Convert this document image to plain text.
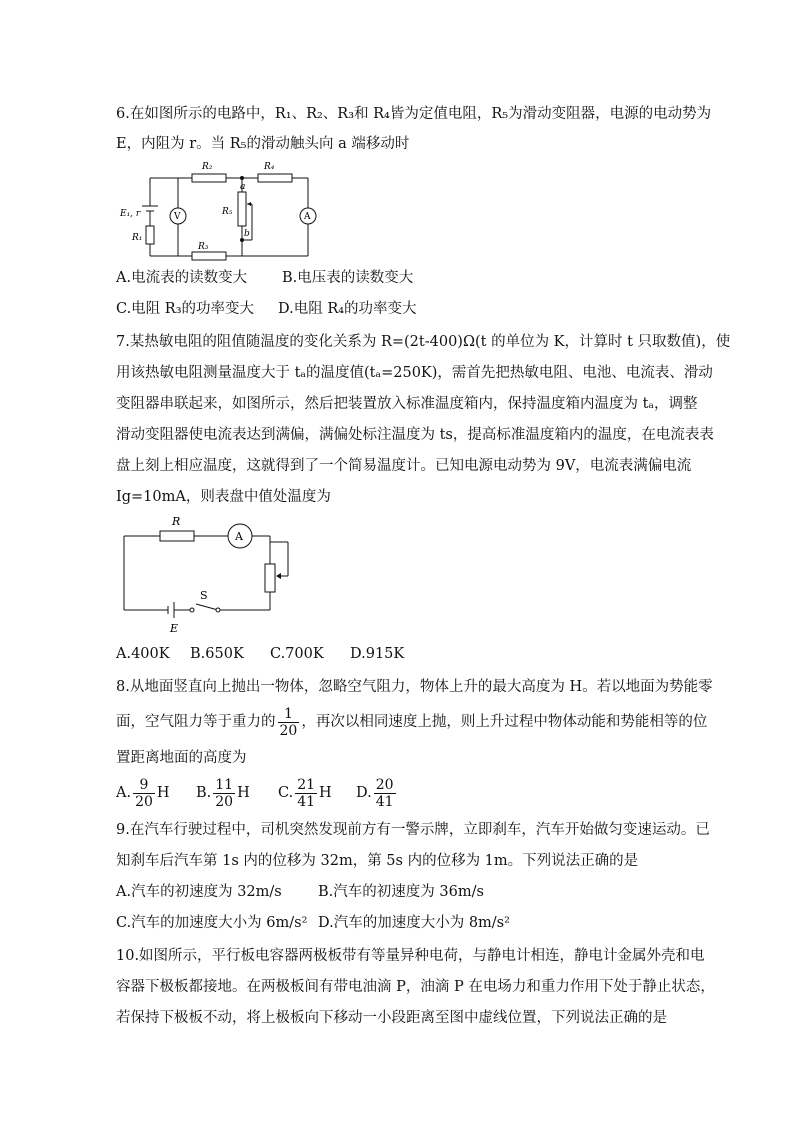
6.在如图所示的电路中，R₁、R₂、R₃和 R₄皆为定值电阻，R₅为滑动变阻器，电源的电动势为
E，内阻为 r。当 R₅的滑动触头向 a 端移动时
E₁, r
R₁
R₂
R₃
R₄
R₅
a
b
V	A
A.电流表的读数变大 B.电压表的读数变大
C.电阻 R₃的功率变大 D.电阻 R₄的功率变大
7.某热敏电阻的阻值随温度的变化关系为 R=(2t-400)Ω(t 的单位为 K，计算时 t 只取数值)，使
用该热敏电阻测量温度大于 tₐ的温度值(tₐ=250K)，需首先把热敏电阻、电池、电流表、滑动
变阻器串联起来，如图所示，然后把装置放入标准温度箱内，保持温度箱内温度为 tₐ，调整
滑动变阻器使电流表达到满偏，满偏处标注温度为 ts，提高标准温度箱内的温度，在电流表表
盘上刻上相应温度，这就得到了一个简易温度计。已知电源电动势为 9V，电流表满偏电流
Ig=10mA，则表盘中值处温度为
R
A
S
E
A.400K B.650K C.700K D.915K
8.从地面竖直向上抛出一物体，忽略空气阻力，物体上升的最大高度为 H。若以地面为势能零
面，空气阻力等于重力的 $\frac{1}{20}$ ，再次以相同速度上抛，则上升过程中物体动能和势能相等的位
置距离地面的高度为
A. $\frac{9}{20}$ H B. $\frac{11}{20}$ H C. $\frac{21}{41}$ H D. $\frac{20}{41}$
9.在汽车行驶过程中，司机突然发现前方有一警示牌，立即刹车，汽车开始做匀变速运动。已
知刹车后汽车第 1s 内的位移为 32m，第 5s 内的位移为 1m。下列说法正确的是
A.汽车的初速度为 32m/s	B.汽车的初速度为 36m/s
C.汽车的加速度大小为 6m/s² D.汽车的加速度大小为 8m/s²
10.如图所示，平行板电容器两极板带有等量异种电荷，与静电计相连，静电计金属外壳和电
容器下极板都接地。在两极板间有带电油滴 P，油滴 P 在电场力和重力作用下处于静止状态，
若保持下极板不动，将上极板向下移动一小段距离至图中虚线位置，下列说法正确的是
